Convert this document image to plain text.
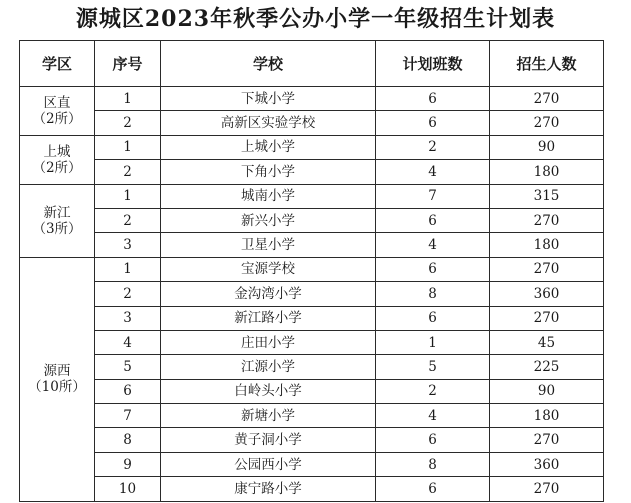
源城区2023年秋季公办小学一年级招生计划表
学区	序号	学校	计划班数	招生人数

区直
（2所）	1	下城小学	6	270
	2	高新区实验学校	6	270

上城
（2所）	1	上城小学	2	90
	2	下角小学	4	180

新江
（3所）	1	城南小学	7	315
	2	新兴小学	6	270
	3	卫星小学	4	180

源西
（10所）	1	宝源学校	6	270
	2	金沟湾小学	8	360
	3	新江路小学	6	270
	4	庄田小学	1	45
	5	江源小学	5	225
	6	白岭头小学	2	90
	7	新塘小学	4	180
	8	黄子洞小学	6	270
	9	公园西小学	8	360
	10	康宁路小学	6	270
